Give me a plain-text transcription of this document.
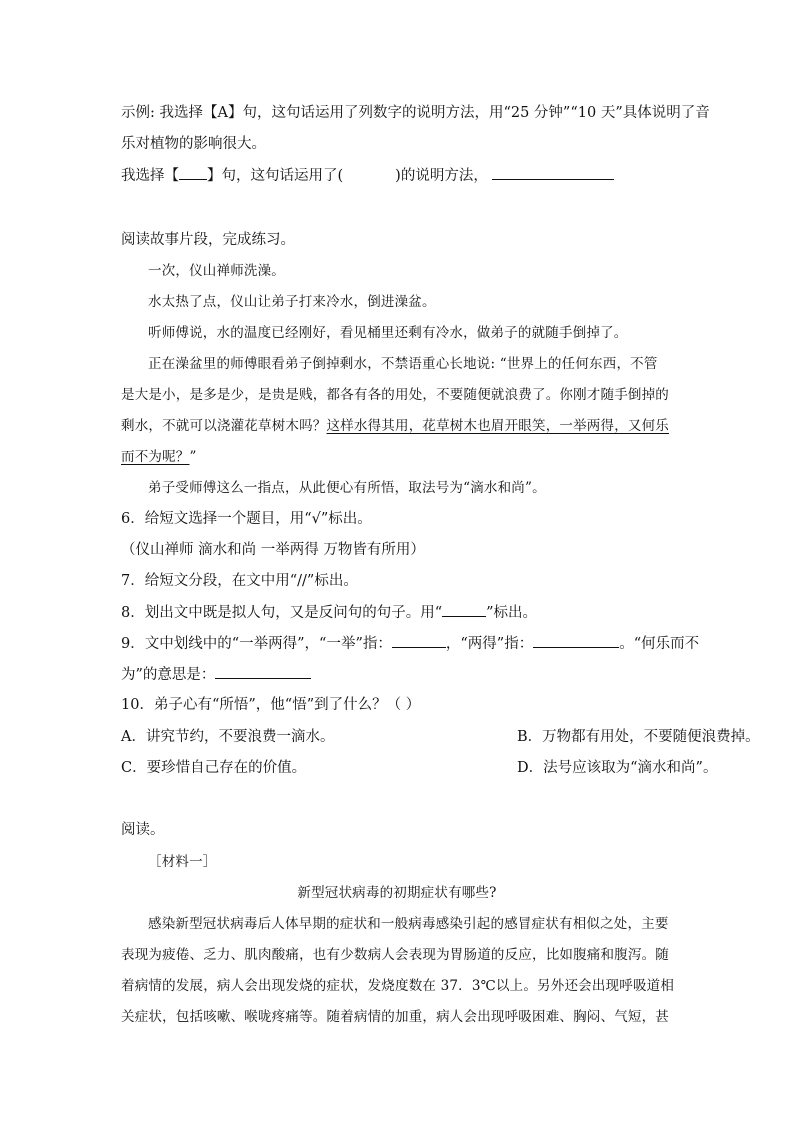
示例: 我选择【A】句，这句话运用了列数字的说明方法，用“25 分钟”“10 天”具体说明了音
乐对植物的影响很大。
我选择【 】句，这句话运用了(	)的说明方法，
阅读故事片段，完成练习。
一次，仪山禅师洗澡。
水太热了点，仪山让弟子打来冷水，倒进澡盆。
听师傅说，水的温度已经刚好，看见桶里还剩有冷水，做弟子的就随手倒掉了。
正在澡盆里的师傅眼看弟子倒掉剩水，不禁语重心长地说: “世界上的任何东西，不管
是大是小，是多是少，是贵是贱，都各有各的用处，不要随便就浪费了。你刚才随手倒掉的
剩水，不就可以浇灌花草树木吗？这样水得其用，花草树木也眉开眼笑，一举两得，又何乐
而不为呢？”
弟子受师傅这么一指点，从此便心有所悟，取法号为“滴水和尚”。
6．给短文选择一个题目，用“√”标出。
（仪山禅师 滴水和尚 一举两得 万物皆有所用）
7．给短文分段，在文中用“//”标出。
8．划出文中既是拟人句，又是反问句的句子。用“	”标出。
9．文中划线中的“一举两得”，“一举”指：	，“两得”指：	。“何乐而不
为”的意思是：
10．弟子心有“所悟”，他“悟”到了什么？（ ）
A．讲究节约，不要浪费一滴水。	B．万物都有用处，不要随便浪费掉。
C．要珍惜自己存在的价值。	D．法号应该取为“滴水和尚”。
阅读。
［材料一］
新型冠状病毒的初期症状有哪些?
感染新型冠状病毒后人体早期的症状和一般病毒感染引起的感冒症状有相似之处，主要
表现为疲倦、乏力、肌肉酸痛，也有少数病人会表现为胃肠道的反应，比如腹痛和腹泻。随
着病情的发展，病人会出现发烧的症状，发烧度数在 37．3℃以上。另外还会出现呼吸道相
关症状，包括咳嗽、喉咙疼痛等。随着病情的加重，病人会出现呼吸困难、胸闷、气短，甚
